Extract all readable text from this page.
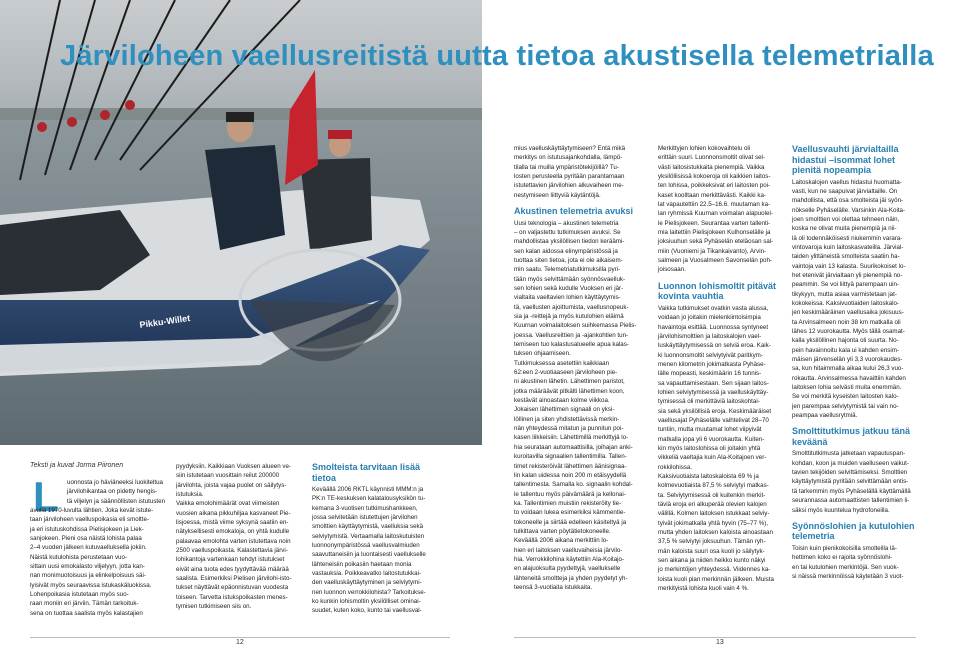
Pikku-Willet
Järviloheen vaellusreitistä uutta tietoa akustisella telemetrialla
Teksti ja kuvat Jorma Piironen
L uonnosta jo häviäneeksi luokiteltua
järvilohikantaa on pidetty hengis-
tä viljelyn ja säännöllisten istutusten

avulla 1970-luvulta lähtien. Joka kevät istute-
taan järviloheen vaelluspoikasia eli smoltte-
ja eri istutuskohdissa Pielisjokeen ja Liek-
sanjokeen. Pieni osa näistä lohista palaa
2–4 vuoden jälkeen kutuvaelluksella jokiin.
Näistä kutulohista perustetaan vuo-
sittain uusi emokalasto viljelyyn, jotta kan-
nan monimuotoisuus ja elinkelpoisuus säi-
lyisivät myös seuraavissa istukaskäluokissa.
Lohenpoikasia istutetaan myös suo-
raan moniin eri järviin. Tämän tarkoituk-
sena on tuottaa saalista myös kalastajien

pyydyksiin. Kaikkiaan Vuoksen alueen ve-
siin istutetaan vuosittain reilut 200000
järvilohta, joista vajaa puolet on säilytys-
istutuksia.
Vaikka emolohimäärät ovat viimeisten
vuosien aikana pikkuhiljaa kasvaneet Pie-
lisjoessa, mistä viime syksynä saatiin en-
nätyksellisesti emokaloja, on yhtä kudulle
palaavaa emolohta varten istutettava noin
2500 vaelluspoikasta. Kalastettavia järvi-
lohikantoja vartenkaan tehdyt istutukset
eivät aina tuota edes tyydyttävää määrää
saalista. Esimerkiksi Pielisen järvilohi-isto-
tukset näyttävät epäonnistuvan vuodesta
toiseen. Tarvetta istukspoikasten menes-
tymisen tutkimiseen siis on.

Smolteista tarvitaan lisää
tietoa

Keväällä 2006 RKTL käynnisti MMM:n ja
PK:n TE-keskuksen kalatalousyksikön tu-
kemana 3-vuotisen tutkimushankkeen,
jossa selvitetään istutettujen järvilohen
smolttien käyttäytymistä, vaelluksia sekä
selviytymistä. Vertaamalla laitoskutuisten
luonnonympäristössä vaellusvalmiuden
saavuttaneisiin ja luontaisesti vaellukselle
lähteneisiin poikasiin haetaan monia
vastauksia. Poikkeavatko laitostutukkai-
den vaelluskäyttäytyminen ja selviytymi-
nen luonnon verrokkilohista? Tarkoitukse-
ko kunkin lohismoltin yksilölliset ominai-
suudet, kuten koko, kunto tai vaellusval-

mius vaelluskäyttäytymiseen? Entä mikä
merkitys on istutusajankohdalla, lämpö-
tilalla tai muilla ympäristötekijöillä? Tu-
losten perusteella pyritään parantamaan
istutettavien järvilohien alkuvaiheen me-
nestymiseen liittyviä käytäntöjä.

Akustinen telemetria avuksi

Uusi teknologia – akustinen telemetria
– on valjastettu tutkimuksen avuksi. Se
mahdollistaa yksilöllisen tiedon keräämi-
sen kalan aidossa elinympäristössä ja
tuottaa siten tietoa, jota ei ole aikaisem-
min saatu. Telemetriatutkimuksilla pyri-
tään myös selvittämään syönnösvaelluk-
sen lohien sekä kudulle Vuoksen eri jär-
vialtaita vaeltavien lohien käyttäytymis-
tä, vaellusten ajoittumista, vaellusnopeuk-
sia ja -reittejä ja myös kutulohien eläimä
Kuurnan voimalaitoksen suihkemassa Pielis-
joessa. Vaellusreittien ja -ajankohtien tun-
temiseen tuo kalastusalueelle apua kalas-
tuksen ohjaamiseen.
Tutkimuksessa asetettiin kaikkiaan
62:een 2-vuotiaaseen järviloheen pie-
ni akustinen lähetin. Lähettimen paristot,
jotka määräävät pitkälti lähettimen koon,
kestävät ainoastaan kolme viikkoa.
Jokaisen lähettimen signaali on yksi-
löllinen ja siten yhdistettävissä merkin-
nän yhteydessä mitatun ja punnitun poi-
kasen liikkeisiin. Lähettimillä merkittyjä lo-
hia seurataan automaattisilla, joihajan anki-
kuroitavilla signaalien tallentimilla. Tallen-
timet rekisteröivät lähettimen äänisignaa-
lin kalan uidessa noin 200 m etäisyydellä
tallentimesta. Samalla ko. signaalin kohdal-
le tallentuu myös päivämäärä ja kellonai-
ka. Tallentimien muistiin rekisteröity tie-
to voidaan lukea esimerkiksi kämmentie-
tokoneelle ja siirtää edelleen käsiteltyä ja
tulkittava varten pöytätietokoneelle.
Keväällä 2006 aikana merkittiin lo-
hien eri laitoksen vaelluvaiheisia järvilo-
hia. Verrokkilohina käytettiin Ala-Koitajo-
en alajuoksulta pyydettyjä, vaellukselle
lähteneitä smoltteja ja yhden pyydetyt yh-
teensä 3-vuotiaita istukkaita.

Merkittyjen lohien kokovaihtelu oli
erittäin suuri. Luonnonsmoltit olivat sel-
västi laitosistukkaita pienempiä. Vaikka
yksilöllisissä kokoeroja oli kaikkien laitos-
ten lohissa, poikkeksivat eri laitosten poi-
kaset koolltaan merkittävästi. Kaikki ka-
lat vapautettiin 22.5–16.6. muutaman ka-
lan ryhmissä Kuurnan voimalan alapuolel-
le Pielisjokeen. Seurantaa varten tallenti-
mia laitettiin Pielisjokeen Kulhonselälle ja
joksiuuhun sekä Pyhäselän eteläosan sal-
miin (Vuoniemi ja Tikankaivanto), Arvin-
salmeen ja Vuosalmeen Savonselän poh-
joisosaan.

Luonnon lohismoltit pitävät
kovinta vauhtia

Vaikka tutkimukset ovatkin vasta alussa,
voidaan jo joitakin mielenkiintoisimpia
havaintoja esittää. Luonnossa syntyneet
järvilohismolttien ja laitoskalojen vael-
luskäyttäytymisessä on selviä eroa. Kaik-
ki luonnonsmoltit selviytyivät paritkym-
menen kilometrin jokimatkasta Pyhäse-
lälle mopeasti, keskimäärin 16 tunnis-
sa vapauttamisestaan. Sen sijaan laitos-
lohien selviytymisessä ja vaelluskäyttäy-
tymisessä oli merkittäviä laitoskohtai-
sia sekä yksilöllisiä eroja. Keskimääräiset
vaellusajat Pyhäselälle vaihtelivat 28–70
tuntiin, mutta muutamat lohet viipyivät
matkalla jopa yli 6 vuorokautta. Kuiten-
kin myös laitoslohissa oli joitakin yhtä
vikkeliä vaeltajia kuin Ala-Koitajoen ver-
rokkilohissa.
Kaksivuotiaista laitoskaloista 69 % ja
kolmevuotiaista 87,5 % selviytyi matkas-
ta. Selviytymisessä oli kuitenkin merkit-
täviä eroja eri alkuperää olevien kalojen
välillä. Kolmen laitoksen istukkaat selviy-
tyivät jokimatkalla yhtä hyvin (75–77 %),
mutta yhden laitoksen kaloista ainoastaan
37,5 % selviytyi joksuuhun. Tämän ryh-
män kaloista suuri osa kuoli jo säilytyk-
sen aikana ja niiden heikko kunto näkyi
jo merkintöjen yhteydessä. Viidennes ka-
loista kuoli pian merkinnän jälkeen. Muista
merkityistä lohista kuoli vain 4 %.

Vaellusvauhti järvialtailla
hidastui –isommat lohet
pienitä nopeampia

Laitoskalojen vaellus hidastui huomatta-
vasti, kun ne saapuivat järvialtaille. On
mahdollista, että osa smolteista jäi syön-
nökselle Pyhäselälle. Varsinkin Ala-Koita-
joen smolttien voi olettaa tehneen näin,
koska ne olivat muita pienempiä ja nii-
lä oli todennäköisesti niukemmin varara-
vintovaroja kuin laitoskasvateilla. Järvial-
taiden ylittäneistä smolteista saatiin ha-
vaintoja vain 13 kalasta. Suurikokoiset lo-
het etenivät järvialtaan yli pienempiä no-
peammin. Se voi liittyä parempaan uin-
tikykyyn, mutta asiaa varmistetaan jat-
kokokeissa. Kaksivuotiaiden laitoskalo-
jen keskimääräinen vaellusaika jokisuus-
ta Arvinsalmeen noin 38 km matkalla oli
lähes 12 vuorokautta. Myös tällä osamat-
kalla yksilöllinen hajonta oli suurta. No-
pein havainnoitu kala ui kahden ensim-
mäisen järvenselän yli 3,3 vuorokaudes-
sa, kun hitaimmalla aikaa kului 26,3 vuo-
rokautta. Arvinsalmessa havaittiin kahden
laitoksen lohia selvästi muita enemmän.
Se voi merkitä kyseisten laitosten kalo-
jen parempaa selviytymistä tai vain no-
peampaa vaellusrytmiä.

Smolttitutkimus jatkuu tänä
keväänä

Smolttitutkimusta jatketaan vapautuspan-
kohdan, koon ja muiden vaelluseen vaikut-
tavien tekijöiden selvittämiseksi. Smolttien
käyttäytymistä pyritään selvittämään entis-
tä tarkemmin myös Pyhäselällä käyttämällä
seurannassa automaattisten tallentimien li-
säksi myös kuuntelua hydrofoneilla.

Syönnöslohien ja kutulohien
telemetria

Toisin kuin pienikokoisilla smolteilla lä-
hettimen koko ei rajoita syönnöslohi-
en tai kutulohien merkintöjä. Sen vuok-
si näissä merkinnöissä käytetään 3 vuot-

12	13
